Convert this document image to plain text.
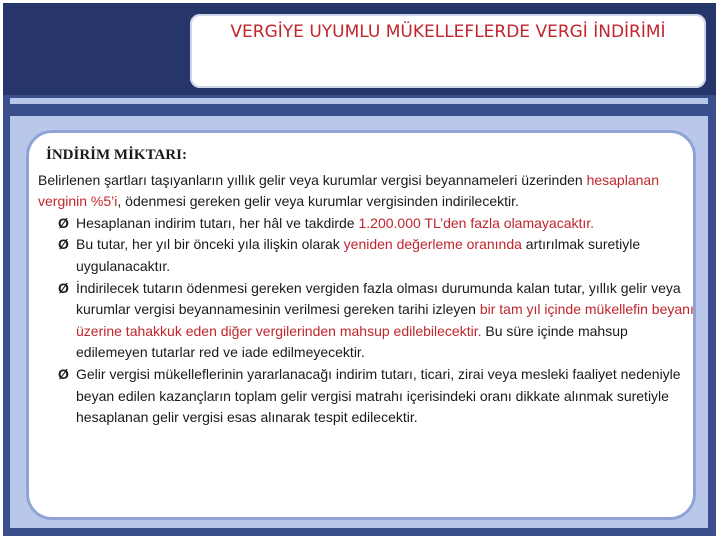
VERGİYE UYUMLU MÜKELLEFLERDE VERGİ İNDİRİMİ
İNDİRİM MİKTARI:
Belirlenen şartları taşıyanların yıllık gelir veya kurumlar vergisi beyannameleri üzerinden hesaplanan verginin %5’i, ödenmesi gereken gelir veya kurumlar vergisinden indirilecektir.
Ø Hesaplanan indirim tutarı, her hâl ve takdirde 1.200.000 TL’den fazla olamayacaktır.
Ø Bu tutar, her yıl bir önceki yıla ilişkin olarak yeniden değerleme oranında artırılmak suretiyle uygulanacaktır.
Ø İndirilecek tutarın ödenmesi gereken vergiden fazla olması durumunda kalan tutar, yıllık gelir veya kurumlar vergisi beyannamesinin verilmesi gereken tarihi izleyen bir tam yıl içinde mükellefin beyanı üzerine tahakkuk eden diğer vergilerinden mahsup edilebilecektir. Bu süre içinde mahsup edilemeyen tutarlar red ve iade edilmeyecektir.
Ø Gelir vergisi mükelleflerinin yararlanacağı indirim tutarı, ticari, zirai veya mesleki faaliyet nedeniyle beyan edilen kazançların toplam gelir vergisi matrahı içerisindeki oranı dikkate alınmak suretiyle hesaplanan gelir vergisi esas alınarak tespit edilecektir.
